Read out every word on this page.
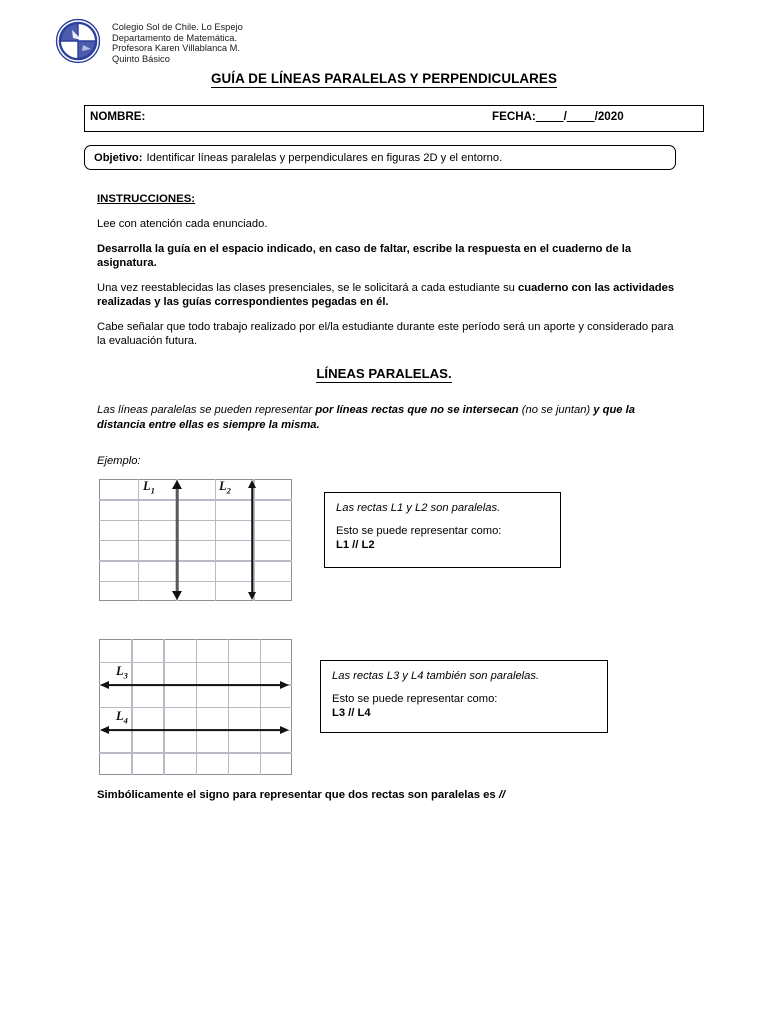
Colegio Sol de Chile. Lo Espejo
Departamento de Matemática.
Profesora Karen Villablanca M.
Quinto Básico
GUÍA DE LÍNEAS PARALELAS Y PERPENDICULARES
NOMBRE:	FECHA:____/____/2020
Objetivo: Identificar líneas paralelas y perpendiculares en figuras 2D y el entorno.
INSTRUCCIONES:
Lee con atención cada enunciado.
Desarrolla la guía en el espacio indicado, en caso de faltar, escribe la respuesta en el cuaderno de la asignatura.
Una vez reestablecidas las clases presenciales, se le solicitará a cada estudiante su cuaderno con las actividades realizadas y las guías correspondientes pegadas en él.
Cabe señalar que todo trabajo realizado por el/la estudiante durante este período será un aporte y considerado para la evaluación futura.
LÍNEAS PARALELAS.
Las líneas paralelas se pueden representar por líneas rectas que no se intersecan (no se juntan) y que la distancia entre ellas es siempre la misma.
Ejemplo:
$L_1$	$L_2$
Las rectas L1 y L2 son paralelas.
Esto se puede representar como:
L1 // L2
$L_3$
$L_4$
Las rectas L3 y L4 también son paralelas.
Esto se puede representar como:
L3 // L4
Simbólicamente el signo para representar que dos rectas son paralelas es //
